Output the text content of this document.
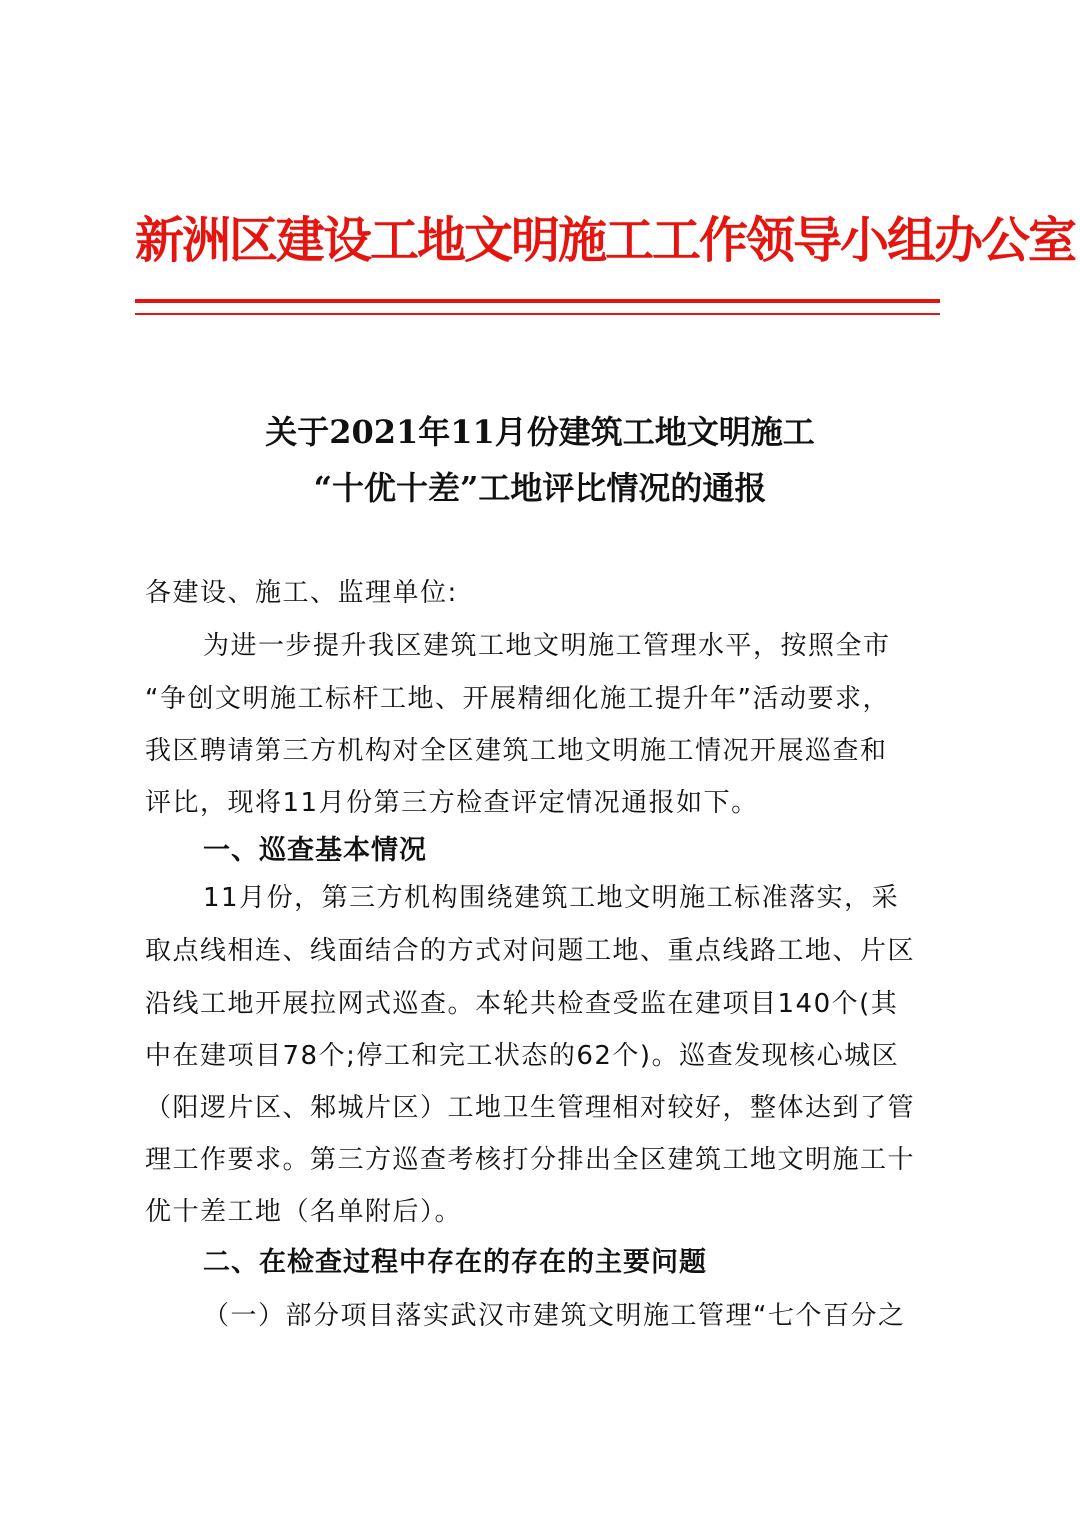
新洲区建设工地文明施工工作领导小组办公室
关于2021年11月份建筑工地文明施工
“十优十差”工地评比情况的通报
各建设、施工、监理单位:
为进一步提升我区建筑工地文明施工管理水平，按照全市
“争创文明施工标杆工地、开展精细化施工提升年”活动要求，
我区聘请第三方机构对全区建筑工地文明施工情况开展巡查和
评比，现将11月份第三方检查评定情况通报如下。
一、巡查基本情况
11月份，第三方机构围绕建筑工地文明施工标准落实，采
取点线相连、线面结合的方式对问题工地、重点线路工地、片区
沿线工地开展拉网式巡查。本轮共检查受监在建项目140个(其
中在建项目78个;停工和完工状态的62个)。巡查发现核心城区
（阳逻片区、邾城片区）工地卫生管理相对较好，整体达到了管
理工作要求。第三方巡查考核打分排出全区建筑工地文明施工十
优十差工地（名单附后）。
二、在检查过程中存在的存在的主要问题
（一）部分项目落实武汉市建筑文明施工管理“七个百分之
